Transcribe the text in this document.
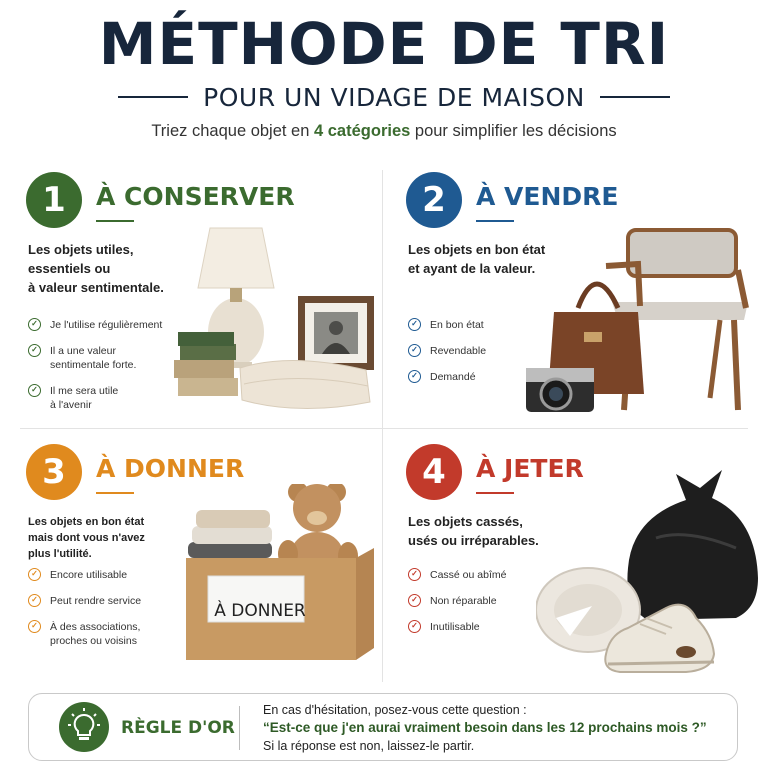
MÉTHODE DE TRI
POUR UN VIDAGE DE MAISON
Triez chaque objet en 4 catégories pour simplifier les décisions
1	À CONSERVER
Les objets utiles,
essentiels ou
à valeur sentimentale.
✓	Je l'utilise régulièrement
✓	Il a une valeur
sentimentale forte.
✓	Il me sera utile
à l'avenir
2	À VENDRE
Les objets en bon état
et ayant de la valeur.
✓	En bon état
✓	Revendable
✓	Demandé
3	À DONNER
Les objets en bon état
mais dont vous n'avez
plus l'utilité.
✓	Encore utilisable
✓	Peut rendre service
✓	À des associations,
proches ou voisins
À DONNER
4	À JETER
Les objets cassés,
usés ou irréparables.
✓	Cassé ou abîmé
✓	Non réparable
✓	Inutilisable
RÈGLE D'OR
En cas d'hésitation, posez-vous cette question :
“Est-ce que j'en aurai vraiment besoin dans les 12 prochains mois ?”
Si la réponse est non, laissez-le partir.
